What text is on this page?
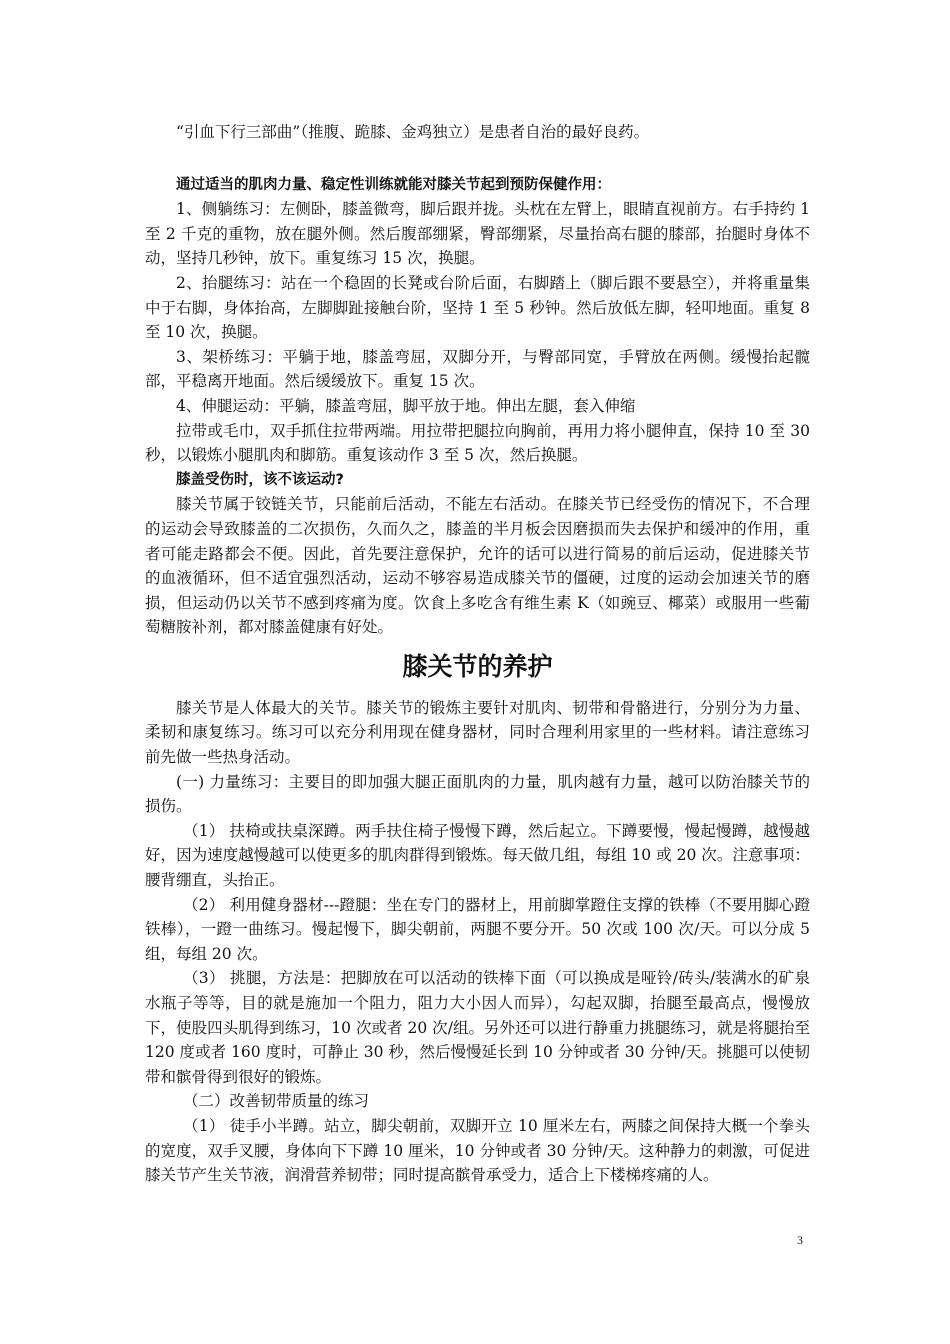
“引血下行三部曲”（推腹、跪膝、金鸡独立）是患者自治的最好良药。

通过适当的肌肉力量、稳定性训练就能对膝关节起到预防保健作用：

1、侧躺练习：左侧卧，膝盖微弯，脚后跟并拢。头枕在左臂上，眼睛直视前方。右手持约 1 至 2 千克的重物，放在腿外侧。然后腹部绷紧，臀部绷紧，尽量抬高右腿的膝部，抬腿时身体不动，坚持几秒钟，放下。重复练习 15 次，换腿。

2、抬腿练习：站在一个稳固的长凳或台阶后面，右脚踏上（脚后跟不要悬空），并将重量集中于右脚，身体抬高，左脚脚趾接触台阶，坚持 1 至 5 秒钟。然后放低左脚，轻叩地面。重复 8 至 10 次，换腿。

3、架桥练习：平躺于地，膝盖弯屈，双脚分开，与臀部同宽，手臂放在两侧。缓慢抬起髋部，平稳离开地面。然后缓缓放下。重复 15 次。

4、伸腿运动：平躺，膝盖弯屈，脚平放于地。伸出左腿，套入伸缩

拉带或毛巾，双手抓住拉带两端。用拉带把腿拉向胸前，再用力将小腿伸直，保持 10 至 30 秒，以锻炼小腿肌肉和脚筋。重复该动作 3 至 5 次，然后换腿。

膝盖受伤时，该不该运动?

膝关节属于铰链关节，只能前后活动，不能左右活动。在膝关节已经受伤的情况下，不合理的运动会导致膝盖的二次损伤，久而久之，膝盖的半月板会因磨损而失去保护和缓冲的作用，重者可能走路都会不便。因此，首先要注意保护，允许的话可以进行简易的前后运动，促进膝关节的血液循环，但不适宜强烈活动，运动不够容易造成膝关节的僵硬，过度的运动会加速关节的磨损，但运动仍以关节不感到疼痛为度。饮食上多吃含有维生素 K（如豌豆、椰菜）或服用一些葡萄糖胺补剂，都对膝盖健康有好处。

膝关节的养护

膝关节是人体最大的关节。膝关节的锻炼主要针对肌肉、韧带和骨骼进行，分别分为力量、柔韧和康复练习。练习可以充分利用现在健身器材，同时合理利用家里的一些材料。请注意练习前先做一些热身活动。

(一) 力量练习：主要目的即加强大腿正面肌肉的力量，肌肉越有力量，越可以防治膝关节的损伤。

（1） 扶椅或扶桌深蹲。两手扶住椅子慢慢下蹲，然后起立。下蹲要慢，慢起慢蹲，越慢越好，因为速度越慢越可以使更多的肌肉群得到锻炼。每天做几组，每组 10 或 20 次。注意事项：腰背绷直，头抬正。

（2） 利用健身器材---蹬腿：坐在专门的器材上，用前脚掌蹬住支撑的铁棒（不要用脚心蹬铁棒），一蹬一曲练习。慢起慢下，脚尖朝前，两腿不要分开。50 次或 100 次/天。可以分成 5 组，每组 20 次。

（3） 挑腿，方法是：把脚放在可以活动的铁棒下面（可以换成是哑铃/砖头/装满水的矿泉水瓶子等等，目的就是施加一个阻力，阻力大小因人而异），勾起双脚，抬腿至最高点，慢慢放下，使股四头肌得到练习，10 次或者 20 次/组。另外还可以进行静重力挑腿练习，就是将腿抬至 120 度或者 160 度时，可静止 30 秒，然后慢慢延长到 10 分钟或者 30 分钟/天。挑腿可以使韧带和髌骨得到很好的锻炼。

（二）改善韧带质量的练习

（1） 徒手小半蹲。站立，脚尖朝前，双脚开立 10 厘米左右，两膝之间保持大概一个拳头的宽度，双手叉腰，身体向下下蹲 10 厘米，10 分钟或者 30 分钟/天。这种静力的刺激，可促进膝关节产生关节液，润滑营养韧带；同时提高髌骨承受力，适合上下楼梯疼痛的人。

3
